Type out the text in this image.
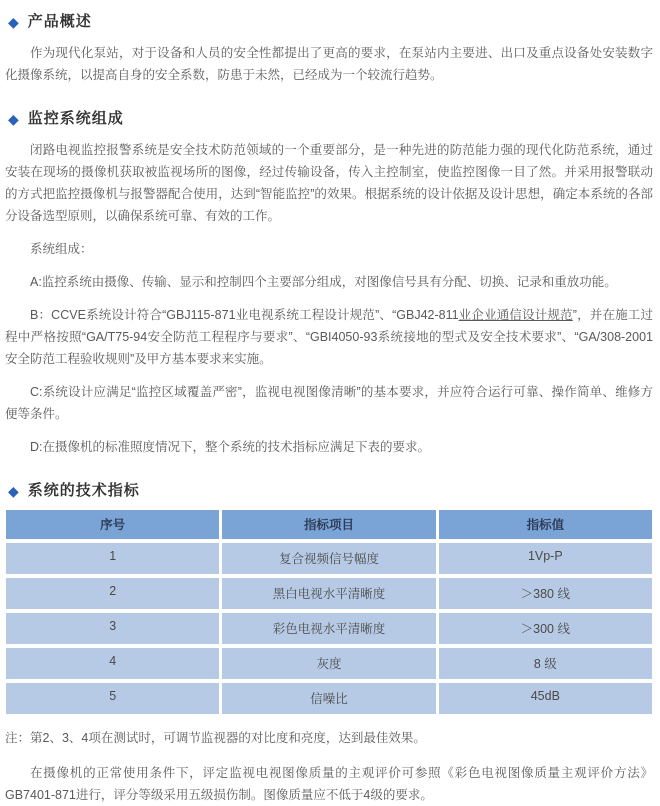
◆ 产品概述

作为现代化泵站，对于设备和人员的安全性都提出了更高的要求，在泵站内主要进、出口及重点设备处安装数字化摄像系统，以提高自身的安全系数，防患于未然，已经成为一个较流行趋势。

◆ 监控系统组成

闭路电视监控报警系统是安全技术防范领域的一个重要部分，是一种先进的防范能力强的现代化防范系统，通过安装在现场的摄像机获取被监视场所的图像，经过传输设备，传入主控制室，使监控图像一目了然。并采用报警联动的方式把监控摄像机与报警器配合使用，达到“智能监控”的效果。根据系统的设计依据及设计思想，确定本系统的各部分设备选型原则，以确保系统可靠、有效的工作。

系统组成：

A:监控系统由摄像、传输、显示和控制四个主要部分组成，对图像信号具有分配、切换、记录和重放功能。

B：CCVE系统设计符合“GBJ115-871业电视系统工程设计规范”、“GBJ42-811业企业通信设计规范”，并在施工过程中严格按照“GA/T75-94安全防范工程程序与要求”、“GBI4050-93系统接地的型式及安全技术要求”、“GA/308-2001安全防范工程验收规则”及甲方基本要求来实施。

C:系统设计应满足“监控区域覆盖严密”，监视电视图像清晰”的基本要求，并应符合运行可靠、操作简单、维修方便等条件。

D:在摄像机的标准照度情况下，整个系统的技术指标应满足下表的要求。

◆ 系统的技术指标
序号	指标项目	指标值
1	复合视频信号幅度	1Vp-P
2	黑白电视水平清晰度	＞380 线
3	彩色电视水平清晰度	＞300 线
4	灰度	8 级
5	信噪比	45dB

注：第2、3、4项在测试时，可调节监视器的对比度和亮度，达到最佳效果。

在摄像机的正常使用条件下，评定监视电视图像质量的主观评价可参照《彩色电视图像质量主观评价方法》GB7401-871进行，评分等级采用五级损伤制。图像质量应不低于4级的要求。
